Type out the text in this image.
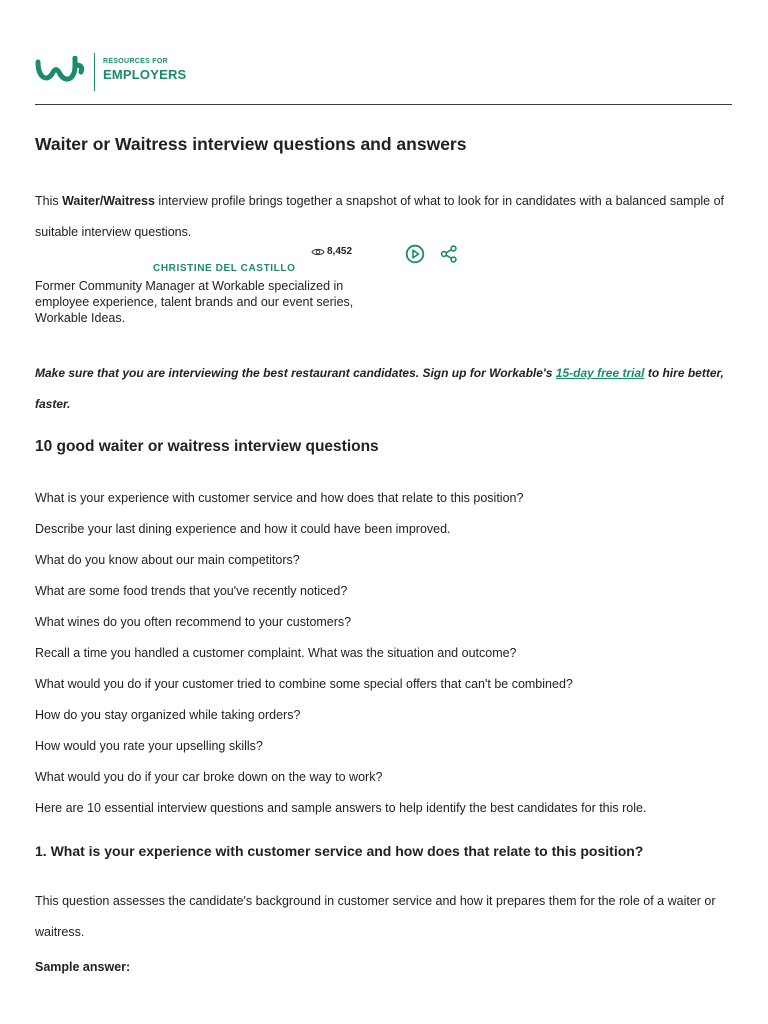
RESOURCES FOR
EMPLOYERS
Waiter or Waitress interview questions and answers

This Waiter/Waitress interview profile brings together a snapshot of what to look for in candidates with a balanced sample of suitable interview questions.

8,452
CHRISTINE DEL CASTILLO

Former Community Manager at Workable specialized in employee experience, talent brands and our event series, Workable Ideas.

Make sure that you are interviewing the best restaurant candidates. Sign up for Workable's 15-day free trial to hire better, faster.

10 good waiter or waitress interview questions
What is your experience with customer service and how does that relate to this position?
Describe your last dining experience and how it could have been improved.
What do you know about our main competitors?
What are some food trends that you've recently noticed?
What wines do you often recommend to your customers?
Recall a time you handled a customer complaint. What was the situation and outcome?
What would you do if your customer tried to combine some special offers that can't be combined?
How do you stay organized while taking orders?
How would you rate your upselling skills?
What would you do if your car broke down on the way to work?
Here are 10 essential interview questions and sample answers to help identify the best candidates for this role.
1. What is your experience with customer service and how does that relate to this position?

This question assesses the candidate's background in customer service and how it prepares them for the role of a waiter or waitress.

Sample answer:
